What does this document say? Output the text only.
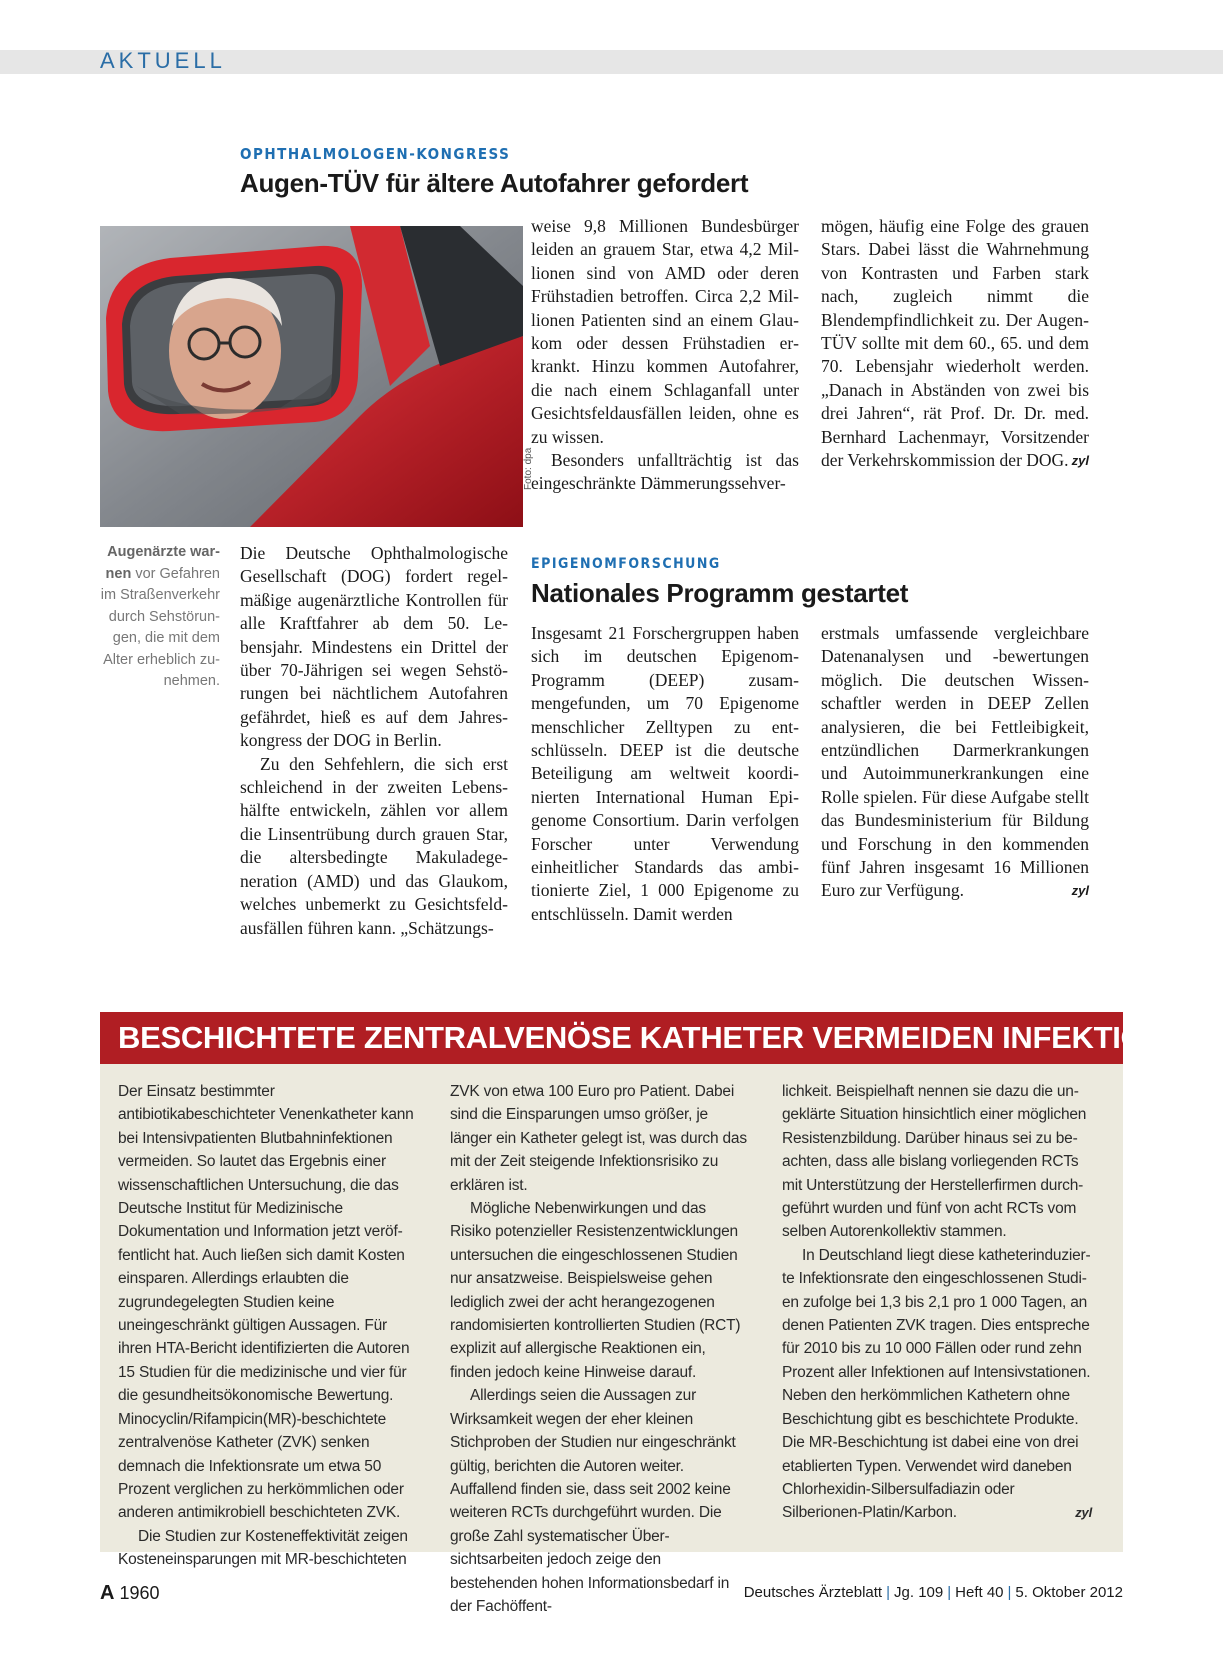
AKTUELL
OPHTHALMOLOGEN-KONGRESS
Augen-TÜV für ältere Autofahrer gefordert
Foto: dpa
Augenärzte warnen vor Gefahren im Straßenverkehr durch Sehstörungen, die mit dem Alter erheblich zunehmen.

Die Deutsche Ophthalmologische Gesellschaft (DOG) fordert regelmäßige augenärztliche Kontrollen für alle Kraftfahrer ab dem 50. Lebensjahr. Mindestens ein Drittel der über 70-Jährigen sei wegen Sehstörungen bei nächtlichem Autofahren gefährdet, hieß es auf dem Jahreskongress der DOG in Berlin.

Zu den Sehfehlern, die sich erst schleichend in der zweiten Lebenshälfte entwickeln, zählen vor allem die Linsentrübung durch grauen Star, die altersbedingte Makuladegeneration (AMD) und das Glaukom, welches unbemerkt zu Gesichtsfeldausfällen führen kann. „Schätzungs-

weise 9,8 Millionen Bundesbürger leiden an grauem Star, etwa 4,2 Millionen sind von AMD oder deren Frühstadien betroffen. Circa 2,2 Millionen Patienten sind an einem Glaukom oder dessen Frühstadien erkrankt. Hinzu kommen Autofahrer, die nach einem Schlaganfall unter Gesichtsfeldausfällen leiden, ohne es zu wissen.

Besonders unfallträchtig ist das eingeschränkte Dämmerungssehver-

mögen, häufig eine Folge des grauen Stars. Dabei lässt die Wahrnehmung von Kontrasten und Farben stark nach, zugleich nimmt die Blendempfindlichkeit zu. Der Augen-TÜV sollte mit dem 60., 65. und dem 70. Lebensjahr wiederholt werden. „Danach in Abständen von zwei bis drei Jahren“, rät Prof. Dr. Dr. med. Bernhard Lachenmayr, Vorsitzender der Verkehrskommission der DOG. zyl

EPIGENOMFORSCHUNG
Nationales Programm gestartet

Insgesamt 21 Forschergruppen haben sich im deutschen Epigenom-Programm (DEEP) zusammengefunden, um 70 Epigenome menschlicher Zelltypen zu entschlüsseln. DEEP ist die deutsche Beteiligung am weltweit koordinierten International Human Epigenome Consortium. Darin verfolgen Forscher unter Verwendung einheitlicher Standards das ambitionierte Ziel, 1 000 Epigenome zu entschlüsseln. Damit werden

erstmals umfassende vergleichbare Datenanalysen und -bewertungen möglich. Die deutschen Wissenschaftler werden in DEEP Zellen analysieren, die bei Fettleibigkeit, entzündlichen Darmerkrankungen und Autoimmunerkrankungen eine Rolle spielen. Für diese Aufgabe stellt das Bundesministerium für Bildung und Forschung in den kommenden fünf Jahren insgesamt 16 Millionen Euro zur Verfügung.	zyl

BESCHICHTETE ZENTRALVENÖSE KATHETER VERMEIDEN INFEKTIONEN

Der Einsatz bestimmter antibiotikabeschichteter Venenkatheter kann bei Intensivpatienten Blutbahninfektionen vermeiden. So lautet das Ergebnis einer wissenschaftlichen Untersuchung, die das Deutsche Institut für Medizinische Dokumentation und Information jetzt veröffentlicht hat. Auch ließen sich damit Kosten einsparen. Allerdings erlaubten die zugrundegelegten Studien keine uneingeschränkt gültigen Aussagen. Für ihren HTA-Bericht identifizierten die Autoren 15 Studien für die medizinische und vier für die gesundheitsökonomische Bewertung. Minocyclin/Rifampicin(MR)-beschichtete zentralvenöse Katheter (ZVK) senken demnach die Infektionsrate um etwa 50 Prozent verglichen zu herkömmlichen oder anderen antimikrobiell beschichteten ZVK.

Die Studien zur Kosteneffektivität zeigen Kosteneinsparungen mit MR-beschichteten

ZVK von etwa 100 Euro pro Patient. Dabei sind die Einsparungen umso größer, je länger ein Katheter gelegt ist, was durch das mit der Zeit steigende Infektionsrisiko zu erklären ist.

Mögliche Nebenwirkungen und das Risiko potenzieller Resistenzentwicklungen untersuchen die eingeschlossenen Studien nur ansatzweise. Beispielsweise gehen lediglich zwei der acht herangezogenen randomisierten kontrollierten Studien (RCT) explizit auf allergische Reaktionen ein, finden jedoch keine Hinweise darauf.

Allerdings seien die Aussagen zur Wirksamkeit wegen der eher kleinen Stichproben der Studien nur eingeschränkt gültig, berichten die Autoren weiter. Auffallend finden sie, dass seit 2002 keine weiteren RCTs durchgeführt wurden. Die große Zahl systematischer Übersichtsarbeiten jedoch zeige den bestehenden hohen Informationsbedarf in der Fachöffent-

lichkeit. Beispielhaft nennen sie dazu die ungeklärte Situation hinsichtlich einer möglichen Resistenzbildung. Darüber hinaus sei zu beachten, dass alle bislang vorliegenden RCTs mit Unterstützung der Herstellerfirmen durchgeführt wurden und fünf von acht RCTs vom selben Autorenkollektiv stammen.

In Deutschland liegt diese katheterinduzierte Infektionsrate den eingeschlossenen Studien zufolge bei 1,3 bis 2,1 pro 1 000 Tagen, an denen Patienten ZVK tragen. Dies entspreche für 2010 bis zu 10 000 Fällen oder rund zehn Prozent aller Infektionen auf Intensivstationen. Neben den herkömmlichen Kathetern ohne Beschichtung gibt es beschichtete Produkte. Die MR-Beschichtung ist dabei eine von drei etablierten Typen. Verwendet wird daneben Chlorhexidin-Silbersulfadiazin oder Silberionen-Platin/Karbon.	zyl

A 1960	Deutsches Ärzteblatt | Jg. 109 | Heft 40 | 5. Oktober 2012
